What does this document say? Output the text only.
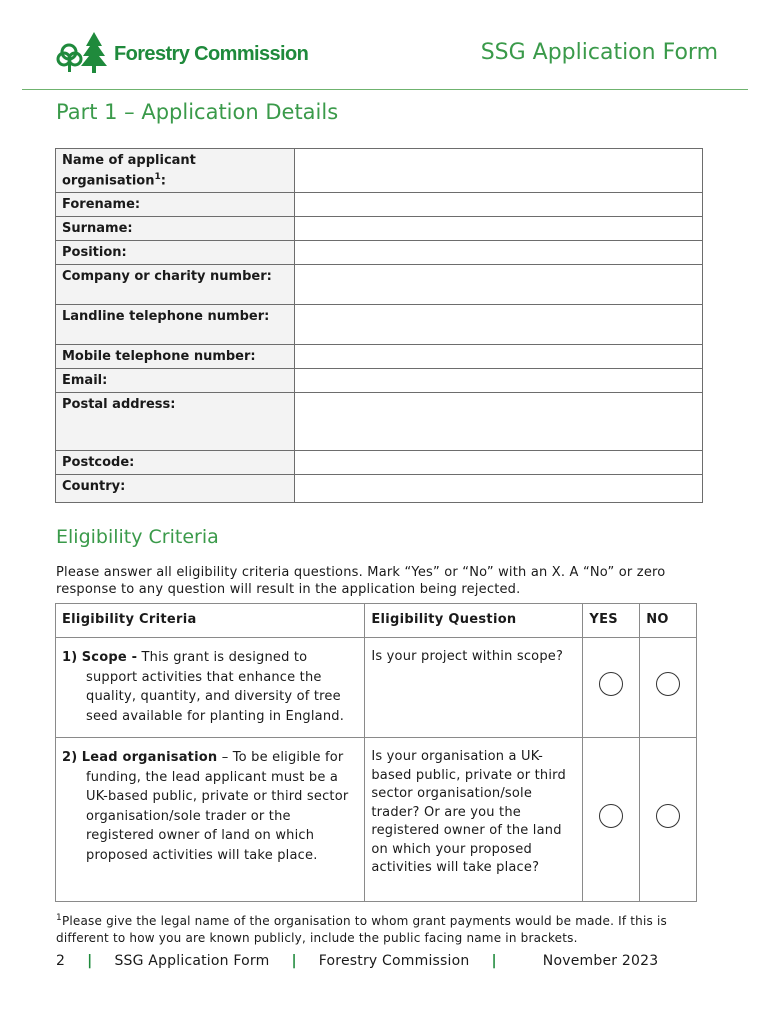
Forestry Commission	SSG Application Form
Part 1 – Application Details
Name of applicant organisation$^1$:	
Forename:	
Surname:	
Position:	
Company or charity number:	
Landline telephone number:	
Mobile telephone number:	
Email:	
Postal address:	
Postcode:	
Country:	
Eligibility Criteria
Please answer all eligibility criteria questions. Mark “Yes” or “No” with an X. A “No” or zero response to any question will result in the application being rejected.
Eligibility Criteria	Eligibility Question	YES	NO

1) Scope - This grant is designed to support activities that enhance the quality, quantity, and diversity of tree seed available for planting in England.	Is your project within scope?		

2) Lead organisation – To be eligible for funding, the lead applicant must be a UK-based public, private or third sector organisation/sole trader or the registered owner of land on which proposed activities will take place.	Is your organisation a UK-based public, private or third sector organisation/sole trader? Or are you the registered owner of the land on which your proposed activities will take place?		
$^1$Please give the legal name of the organisation to whom grant payments would be made. If this is different to how you are known publicly, include the public facing name in brackets.
2 | SSG Application Form | Forestry Commission |	November 2023
